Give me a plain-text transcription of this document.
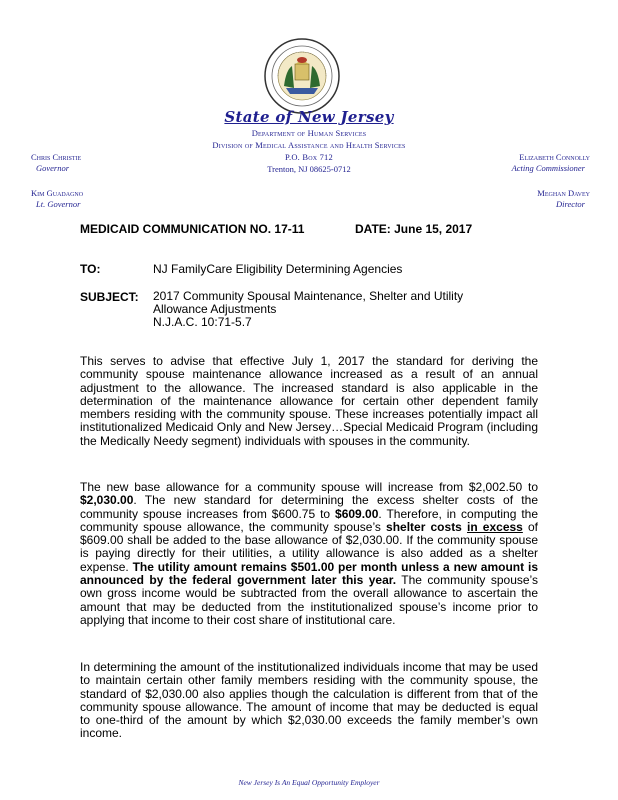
State of New Jersey
Department of Human Services
Division of Medical Assistance and Health Services
P.O. Box 712
Trenton, NJ 08625-0712
Chris Christie
Governor
Kim Guadagno
Lt. Governor
Elizabeth Connolly
Acting Commissioner
Meghan Davey
Director
MEDICAID COMMUNICATION NO. 17-11	DATE: June 15, 2017
TO:	NJ FamilyCare Eligibility Determining Agencies
SUBJECT: 2017 Community Spousal Maintenance, Shelter and Utility
Allowance Adjustments
N.J.A.C. 10:71-5.7
This serves to advise that effective July 1, 2017 the standard for deriving the community spouse maintenance allowance increased as a result of an annual adjustment to the allowance. The increased standard is also applicable in the determination of the maintenance allowance for certain other dependent family members residing with the community spouse. These increases potentially impact all institutionalized Medicaid Only and New Jersey…Special Medicaid Program (including the Medically Needy segment) individuals with spouses in the community.
The new base allowance for a community spouse will increase from $2,002.50 to $2,030.00. The new standard for determining the excess shelter costs of the community spouse increases from $600.75 to $609.00. Therefore, in computing the community spouse allowance, the community spouse’s shelter costs in excess of $609.00 shall be added to the base allowance of $2,030.00. If the community spouse is paying directly for their utilities, a utility allowance is also added as a shelter expense. The utility amount remains $501.00 per month unless a new amount is announced by the federal government later this year. The community spouse’s own gross income would be subtracted from the overall allowance to ascertain the amount that may be deducted from the institutionalized spouse’s income prior to applying that income to their cost share of institutional care.
In determining the amount of the institutionalized individuals income that may be used to maintain certain other family members residing with the community spouse, the standard of $2,030.00 also applies though the calculation is different from that of the community spouse allowance. The amount of income that may be deducted is equal to one-third of the amount by which $2,030.00 exceeds the family member’s own income.
New Jersey Is An Equal Opportunity Employer
